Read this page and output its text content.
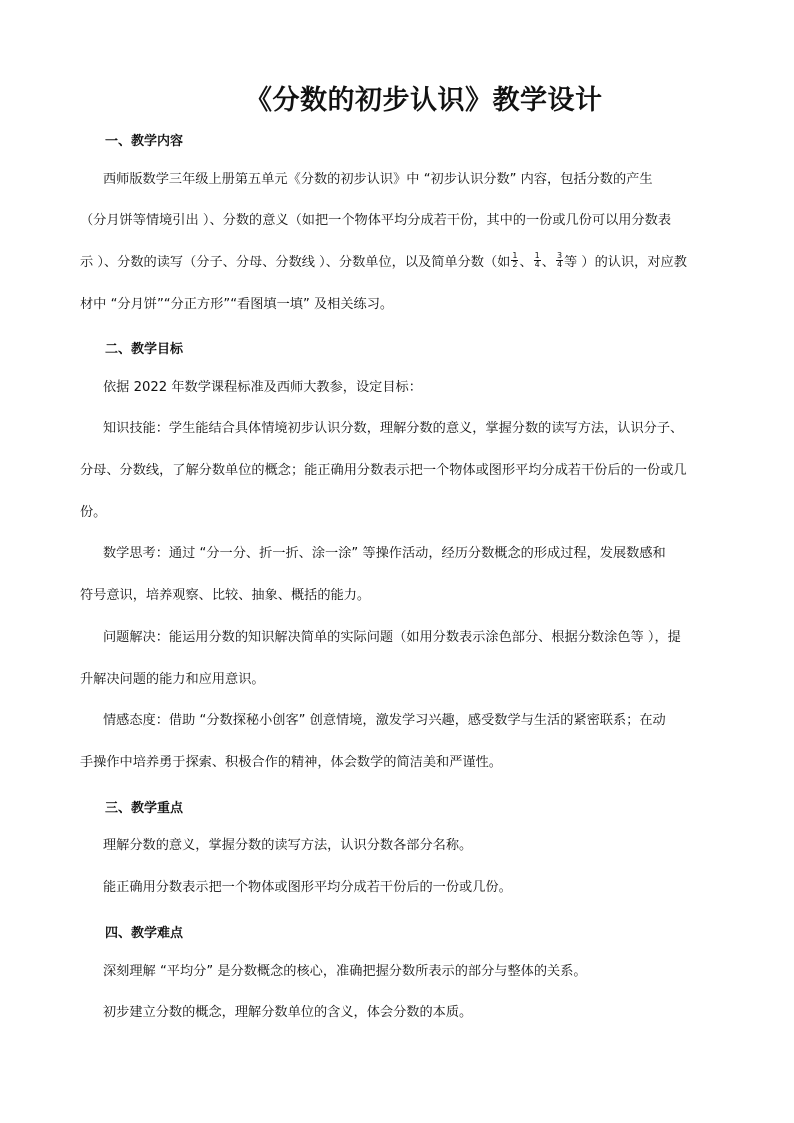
《分数的初步认识》教学设计
一、教学内容
西师版数学三年级上册第五单元《分数的初步认识》中 “初步认识分数” 内容，包括分数的产生
（分月饼等情境引出 ）、分数的意义（如把一个物体平均分成若干份，其中的一份或几份可以用分数表
示 ）、分数的读写（分子、分母、分数线 ）、分数单位，以及简单分数（如 $\frac{1}{2}$ 、 $\frac{1}{4}$ 、 $\frac{3}{4}$ 等 ）的认识，对应教
材中 “分月饼”“分正方形”“看图填一填” 及相关练习。
二、教学目标
依据 2022 年数学课程标准及西师大教参，设定目标：
知识技能：学生能结合具体情境初步认识分数，理解分数的意义，掌握分数的读写方法，认识分子、
分母、分数线，了解分数单位的概念；能正确用分数表示把一个物体或图形平均分成若干份后的一份或几
份。
数学思考：通过 “分一分、折一折、涂一涂” 等操作活动，经历分数概念的形成过程，发展数感和
符号意识，培养观察、比较、抽象、概括的能力。
问题解决：能运用分数的知识解决简单的实际问题（如用分数表示涂色部分、根据分数涂色等 ），提
升解决问题的能力和应用意识。
情感态度：借助 “分数探秘小创客” 创意情境，激发学习兴趣，感受数学与生活的紧密联系；在动
手操作中培养勇于探索、积极合作的精神，体会数学的简洁美和严谨性。
三、教学重点
理解分数的意义，掌握分数的读写方法，认识分数各部分名称。
能正确用分数表示把一个物体或图形平均分成若干份后的一份或几份。
四、教学难点
深刻理解 “平均分” 是分数概念的核心，准确把握分数所表示的部分与整体的关系。
初步建立分数的概念，理解分数单位的含义，体会分数的本质。
